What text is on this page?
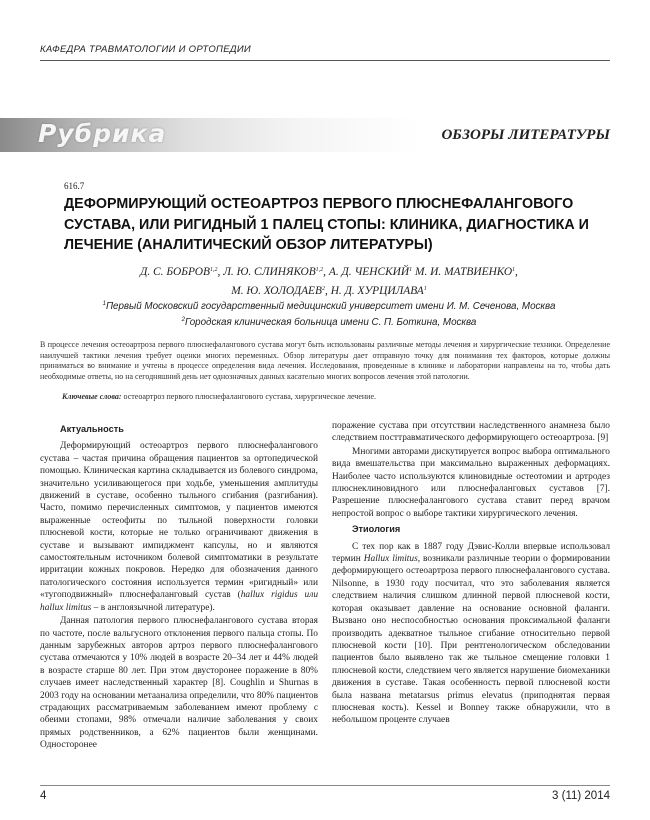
КАФЕДРА ТРАВМАТОЛОГИИ И ОРТОПЕДИИ
Рубрика	ОБЗОРЫ ЛИТЕРАТУРЫ
616.7
ДЕФОРМИРУЮЩИЙ ОСТЕОАРТРОЗ ПЕРВОГО ПЛЮСНЕФАЛАНГОВОГО СУСТАВА, ИЛИ РИГИДНЫЙ 1 ПАЛЕЦ СТОПЫ: КЛИНИКА, ДИАГНОСТИКА И ЛЕЧЕНИЕ (АНАЛИТИЧЕСКИЙ ОБЗОР ЛИТЕРАТУРЫ)
Д. С. БОБРОВ$^{1,2}$, Л. Ю. СЛИНЯКОВ$^{1,2}$, А. Д. ЧЕНСКИЙ$^1$ М. И. МАТВИЕНКО$^1$,
М. Ю. ХОЛОДАЕВ$^2$, Н. Д. ХУРЦИЛАВА$^1$
$^1$Первый Московский государственный медицинский университет имени И. М. Сеченова, Москва
$^2$Городская клиническая больница имени С. П. Боткина, Москва

В процессе лечения остеоартроза первого плюснефалангового сустава могут быть использованы различные методы лечения и хирургические техники. Определение наилучшей тактики лечения требует оценки многих переменных. Обзор литературы дает отправную точку для понимания тех факторов, которые должны приниматься во внимание и учтены в процессе определения вида лечения. Исследования, проведенные в клинике и лаборатории направлены на то, чтобы дать необходимые ответы, но на сегодняшний день нет однозначных данных касательно многих вопросов лечения этой патологии.

Ключевые слова: остеоартроз первого плюснефалангового сустава, хирургическое лечение.

Актуальность

Деформирующий остеоартроз первого плюснефалангового сустава – частая причина обращения пациентов за ортопедической помощью. Клиническая картина складывается из болевого синдрома, значительно усиливающегося при ходьбе, уменьшения амплитуды движений в суставе, особенно тыльного сгибания (разгибания). Часто, помимо перечисленных симптомов, у пациентов имеются выраженные остеофиты по тыльной поверхности головки плюсневой кости, которые не только ограничивают движения в суставе и вызывают импиджмент капсулы, но и являются самостоятельным источником болевой симптоматики в результате ирритации кожных покровов. Нередко для обозначения данного патологического состояния используется термин «ригидный» или «тугоподвижный» плюснефаланговый сустав (hallux rigidus или hallux limitus – в англоязычной литературе).

Данная патология первого плюснефалангового сустава вторая по частоте, после вальгусного отклонения первого пальца стопы. По данным зарубежных авторов артроз первого плюснефалангового сустава отмечаются у 10% людей в возрасте 20–34 лет и 44% людей в возрасте старше 80 лет. При этом двусторонее поражение в 80% случаев имеет наследственный характер [8]. Coughlin и Shurnas в 2003 году на основании метаанализа определили, что 80% пациентов страдающих рассматриваемым заболеванием имеют проблему с обеими стопами, 98% отмечали наличие заболевания у своих прямых родственников, а 62% пациентов были женщинами. Односторонее

поражение сустава при отсутствии наследственного анамнеза было следствием посттравматического деформирующего остеоартроза. [9]

Многими авторами дискутируется вопрос выбора оптимального вида вмешательства при максимально выраженных деформациях. Наиболее часто используются клиновидные остеотомии и артродез плюснеклиновидного или плюснефаланговых суставов [7]. Разрешение плюснефалангового сустава ставит перед врачом непростой вопрос о выборе тактики хирургического лечения.

Этиология

С тех пор как в 1887 году Дэвис-Колли впервые использовал термин Hallux limitus, возникали различные теории о формировании деформирующего остеоартроза первого плюснефалангового сустава. Nilsonne, в 1930 году посчитал, что это заболевания является следствием наличия слишком длинной первой плюсневой кости, которая оказывает давление на основание основной фаланги. Вызвано оно неспособностью основания проксимальной фаланги производить адекватное тыльное сгибание относительно первой плюсневой кости [10]. При рентгенологическом обследовании пациентов было выявлено так же тыльное смещение головки 1 плюсневой кости, следствием чего является нарушение биомеханики движения в суставе. Такая особенность первой плюсневой кости была названа metatarsus primus elevatus (приподнятая первая плюсневая кость). Kessel и Bonney также обнаружили, что в небольшом проценте случаев

4	3 (11) 2014
